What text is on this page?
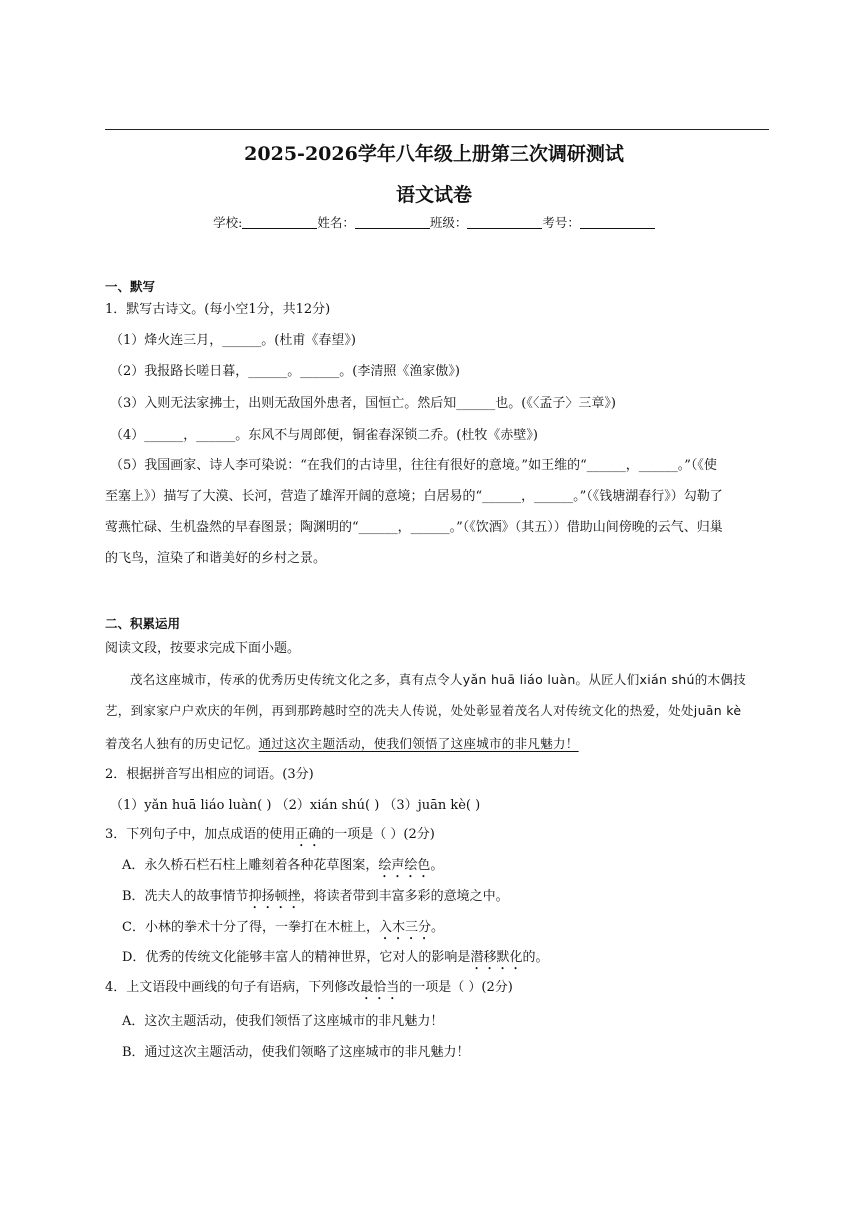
2025-2026学年八年级上册第三次调研测试
语文试卷
学校:	姓名：	班级：	考号：
一、默写
1．默写古诗文。(每小空1分，共12分)
（1）烽火连三月，______。(杜甫《春望》)
（2）我报路长嗟日暮，______。______。(李清照《渔家傲》)
（3）入则无法家拂士，出则无敌国外患者，国恒亡。然后知______也。(《〈孟子〉三章》)
（4）______，______。东风不与周郎便，铜雀春深锁二乔。(杜牧《赤壁》)
（5）我国画家、诗人李可染说：“在我们的古诗里，往往有很好的意境。”如王维的“______，______。”（《使
至塞上》）描写了大漠、长河，营造了雄浑开阔的意境；白居易的“______，______。”（《钱塘湖春行》）勾勒了
莺燕忙碌、生机盎然的早春图景；陶渊明的“______，______。”（《饮酒》（其五））借助山间傍晚的云气、归巢
的飞鸟，渲染了和谐美好的乡村之景。
二、积累运用
阅读文段，按要求完成下面小题。
茂名这座城市，传承的优秀历史传统文化之多，真有点令人yǎn huā liáo luàn。从匠人们xián shú的木偶技
艺，到家家户户欢庆的年例，再到那跨越时空的冼夫人传说，处处彰显着茂名人对传统文化的热爱，处处juān kè
着茂名人独有的历史记忆。通过这次主题活动，使我们领悟了这座城市的非凡魅力！
2．根据拼音写出相应的词语。(3分)
（1）yǎn huā liáo luàn( ) （2）xián shú( ) （3）juān kè( )
3．下列句子中，加点成语的使用正确的一项是（ ）(2分)
A．永久桥石栏石柱上雕刻着各种花草图案，绘声绘色。
B．冼夫人的故事情节抑扬顿挫，将读者带到丰富多彩的意境之中。
C．小林的拳术十分了得，一拳打在木桩上，入木三分。
D．优秀的传统文化能够丰富人的精神世界，它对人的影响是潜移默化的。
4．上文语段中画线的句子有语病，下列修改最恰当的一项是（ ）(2分)
A．这次主题活动，使我们领悟了这座城市的非凡魅力！
B．通过这次主题活动，使我们领略了这座城市的非凡魅力！
